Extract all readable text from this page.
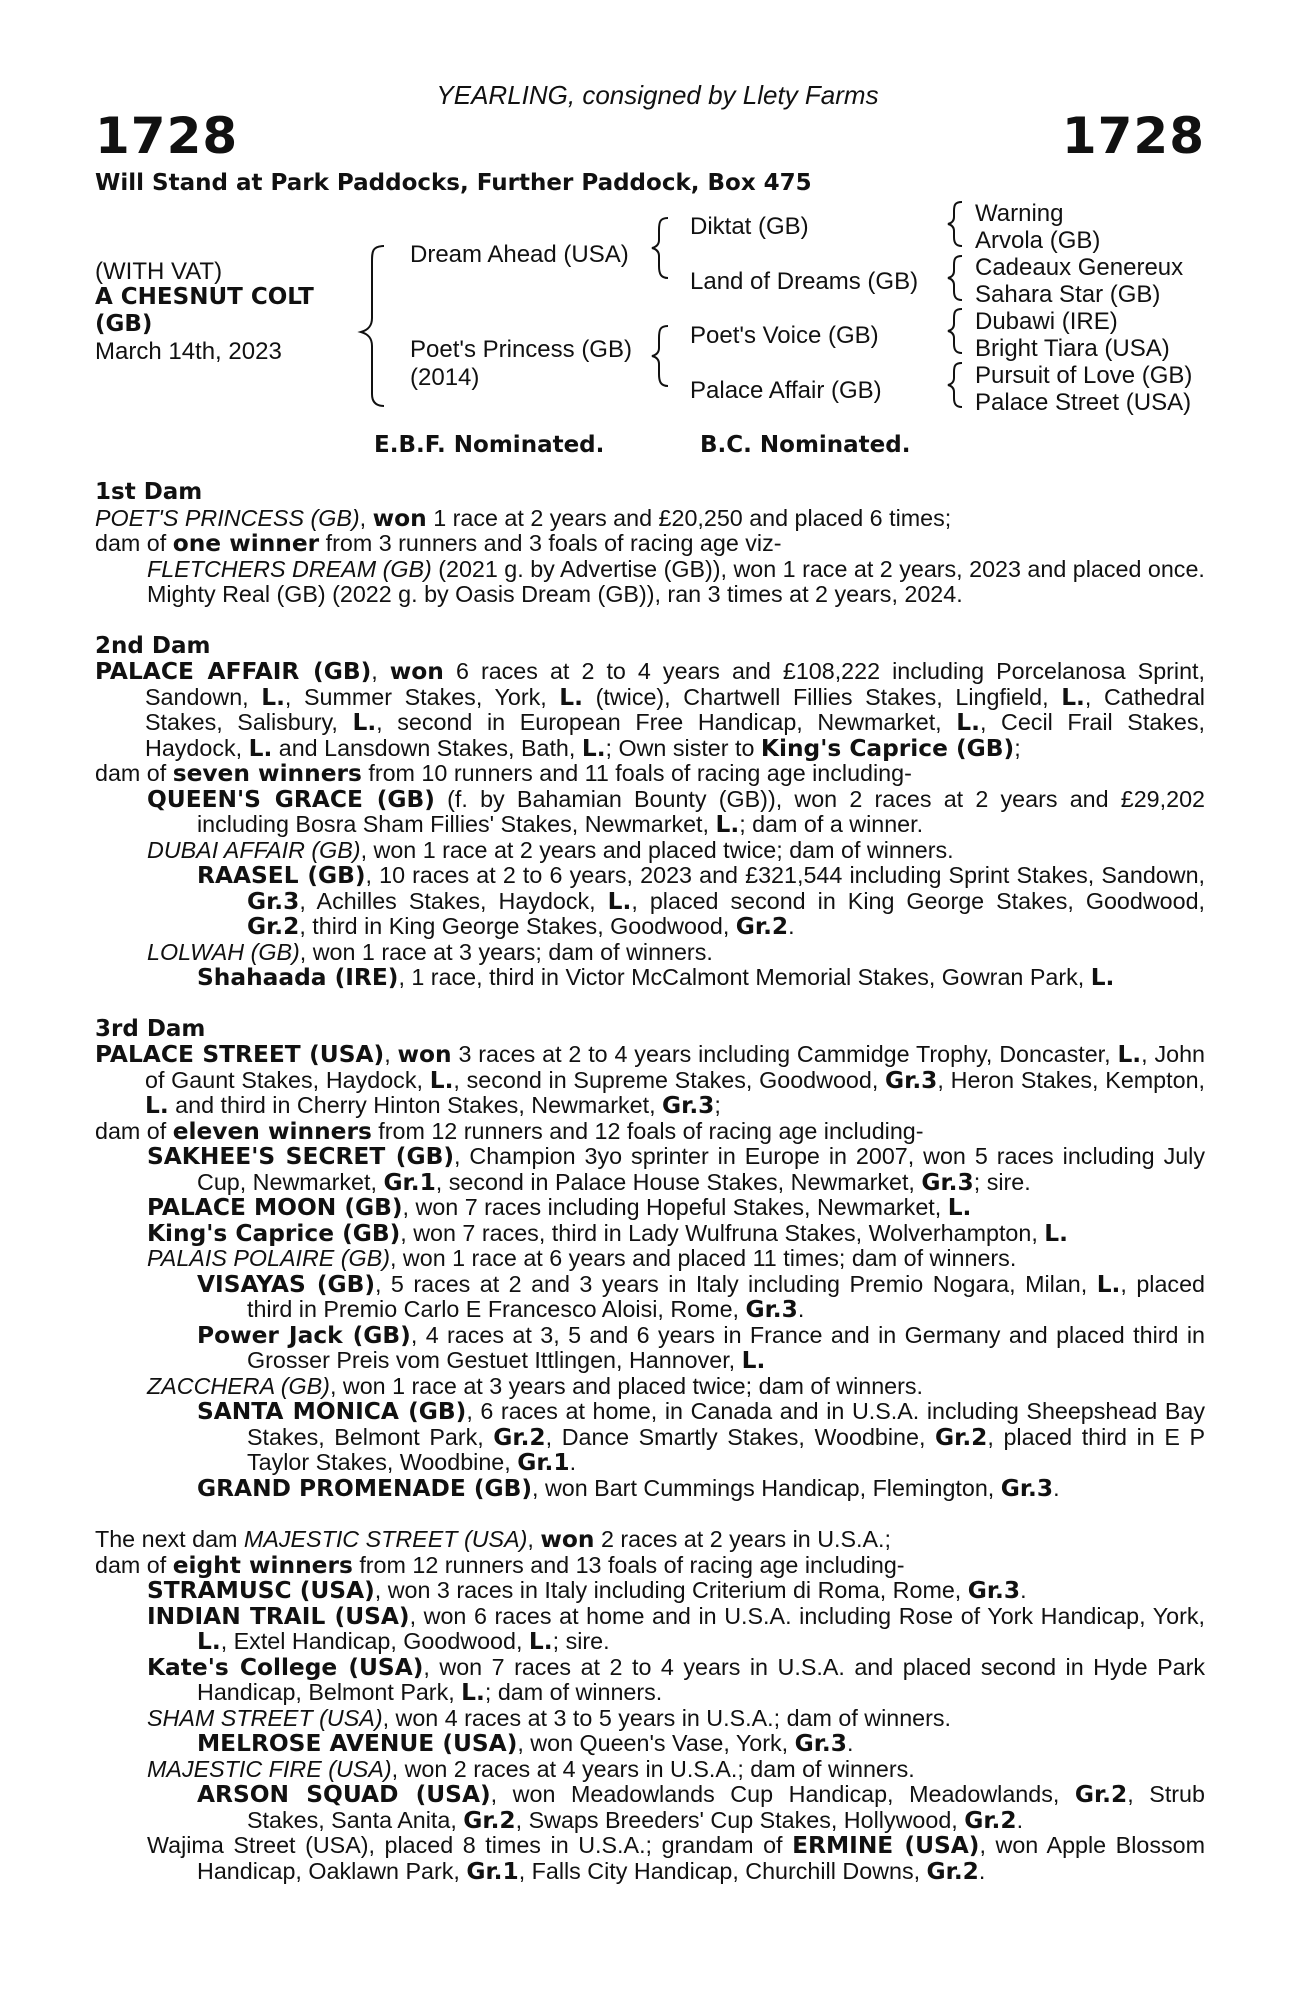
YEARLING, consigned by Llety Farms
1728	1728
Will Stand at Park Paddocks, Further Paddock, Box 475
(WITH VAT)
A CHESNUT COLT
(GB)
March 14th, 2023
Dream Ahead (USA)
Poet's Princess (GB)
(2014)
Diktat (GB)
Land of Dreams (GB)
Poet's Voice (GB)
Palace Affair (GB)
Warning
Arvola (GB)
Cadeaux Genereux
Sahara Star (GB)
Dubawi (IRE)
Bright Tiara (USA)
Pursuit of Love (GB)
Palace Street (USA)
E.B.F. Nominated.	B.C. Nominated.
1st Dam
POET'S PRINCESS (GB), won 1 race at 2 years and £20,250 and placed 6 times;
dam of one winner from 3 runners and 3 foals of racing age viz-
FLETCHERS DREAM (GB) (2021 g. by Advertise (GB)), won 1 race at 2 years, 2023 and placed once.
Mighty Real (GB) (2022 g. by Oasis Dream (GB)), ran 3 times at 2 years, 2024.
2nd Dam
PALACE AFFAIR (GB), won 6 races at 2 to 4 years and £108,222 including Porcelanosa Sprint, Sandown, L., Summer Stakes, York, L. (twice), Chartwell Fillies Stakes, Lingfield, L., Cathedral Stakes, Salisbury, L., second in European Free Handicap, Newmarket, L., Cecil Frail Stakes, Haydock, L. and Lansdown Stakes, Bath, L.; Own sister to King's Caprice (GB);
dam of seven winners from 10 runners and 11 foals of racing age including-
QUEEN'S GRACE (GB) (f. by Bahamian Bounty (GB)), won 2 races at 2 years and £29,202 including Bosra Sham Fillies' Stakes, Newmarket, L.; dam of a winner.
DUBAI AFFAIR (GB), won 1 race at 2 years and placed twice; dam of winners.
RAASEL (GB), 10 races at 2 to 6 years, 2023 and £321,544 including Sprint Stakes, Sandown, Gr.3, Achilles Stakes, Haydock, L., placed second in King George Stakes, Goodwood, Gr.2, third in King George Stakes, Goodwood, Gr.2.
LOLWAH (GB), won 1 race at 3 years; dam of winners.
Shahaada (IRE), 1 race, third in Victor McCalmont Memorial Stakes, Gowran Park, L.
3rd Dam
PALACE STREET (USA), won 3 races at 2 to 4 years including Cammidge Trophy, Doncaster, L., John of Gaunt Stakes, Haydock, L., second in Supreme Stakes, Goodwood, Gr.3, Heron Stakes, Kempton, L. and third in Cherry Hinton Stakes, Newmarket, Gr.3;
dam of eleven winners from 12 runners and 12 foals of racing age including-
SAKHEE'S SECRET (GB), Champion 3yo sprinter in Europe in 2007, won 5 races including July Cup, Newmarket, Gr.1, second in Palace House Stakes, Newmarket, Gr.3; sire.
PALACE MOON (GB), won 7 races including Hopeful Stakes, Newmarket, L.
King's Caprice (GB), won 7 races, third in Lady Wulfruna Stakes, Wolverhampton, L.
PALAIS POLAIRE (GB), won 1 race at 6 years and placed 11 times; dam of winners.
VISAYAS (GB), 5 races at 2 and 3 years in Italy including Premio Nogara, Milan, L., placed third in Premio Carlo E Francesco Aloisi, Rome, Gr.3.
Power Jack (GB), 4 races at 3, 5 and 6 years in France and in Germany and placed third in Grosser Preis vom Gestuet Ittlingen, Hannover, L.
ZACCHERA (GB), won 1 race at 3 years and placed twice; dam of winners.
SANTA MONICA (GB), 6 races at home, in Canada and in U.S.A. including Sheepshead Bay Stakes, Belmont Park, Gr.2, Dance Smartly Stakes, Woodbine, Gr.2, placed third in E P Taylor Stakes, Woodbine, Gr.1.
GRAND PROMENADE (GB), won Bart Cummings Handicap, Flemington, Gr.3.
The next dam MAJESTIC STREET (USA), won 2 races at 2 years in U.S.A.;
dam of eight winners from 12 runners and 13 foals of racing age including-
STRAMUSC (USA), won 3 races in Italy including Criterium di Roma, Rome, Gr.3.
INDIAN TRAIL (USA), won 6 races at home and in U.S.A. including Rose of York Handicap, York, L., Extel Handicap, Goodwood, L.; sire.
Kate's College (USA), won 7 races at 2 to 4 years in U.S.A. and placed second in Hyde Park Handicap, Belmont Park, L.; dam of winners.
SHAM STREET (USA), won 4 races at 3 to 5 years in U.S.A.; dam of winners.
MELROSE AVENUE (USA), won Queen's Vase, York, Gr.3.
MAJESTIC FIRE (USA), won 2 races at 4 years in U.S.A.; dam of winners.
ARSON SQUAD (USA), won Meadowlands Cup Handicap, Meadowlands, Gr.2, Strub Stakes, Santa Anita, Gr.2, Swaps Breeders' Cup Stakes, Hollywood, Gr.2.
Wajima Street (USA), placed 8 times in U.S.A.; grandam of ERMINE (USA), won Apple Blossom Handicap, Oaklawn Park, Gr.1, Falls City Handicap, Churchill Downs, Gr.2.
